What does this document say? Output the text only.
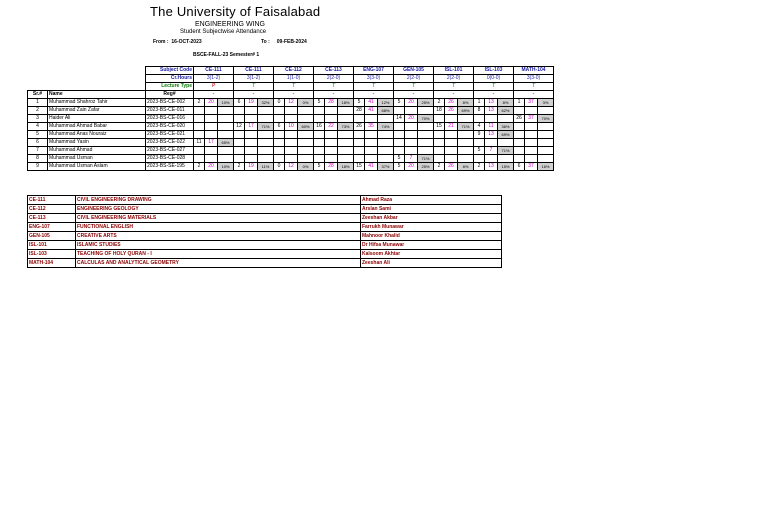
The University of Faisalabad
ENGINEERING WING
Student Subjectwise Attendance
From : 16-OCT-2023	To : 09-FEB-2024
BSCE-FALL-23 Semester# 1
		Subject Code	CE-111			CE-111			CE-112			CE-113			ENG-107			GEN-105			ISL-101			ISL-103			MATH-104		
		Cr.Hours	3(1-2)			3(1-2)			1(1-0)			2(2-0)			3(3-0)			2(2-0)			2(2-0)			0(0-0)			3(3-0)		
		Lecture Type	P			T			T			T			T			T			T			T			T		
Sr.#	Name	Reg#	-			-			-			-			-			-			-			-			-		
1	Muhammad Shahroz Tahir	2023-BS-CE-002	2	20	10%	6	19	32%	0	12	0%	5	28	18%	5	41	12%	5	20	25%	2	26	8%	1	13	8%	1	37	3%
2	Muhammad Zain Zafar	2023-BS-CE-011													28	41	68%				18	26	69%	8	13	62%			
3	Haider Ali	2023-BS-CE-016																14	20	70%							26	37	70%
4	Muhammad Ahmad Babar	2023-BS-CE-020				12	17	71%	6	10	60%	16	22	73%	26	35	74%				15	21	71%	4	11	36%			
5	Muhammad Anas Nouraiz	2023-BS-CE-021																						9	13	69%			
6	Muhammad Yasin	2023-BS-CE-022	11	17	65%																								
7	Muhammad Ahmad	2023-BS-CE-027																						5	7	71%			
8	Muhammad Usman	2023-BS-CE-028																5	7	71%									
9	Muhammad Usman Aslam	2023-BS-SE-195	2	20	10%	2	19	11%	0	12	0%	5	28	18%	15	41	37%	5	20	25%	2	26	8%	2	13	15%	6	37	16%
CE-111	CIVIL ENGINEERING DRAWING	Ahmad Raza
CE-112	ENGINEERING GEOLOGY	Arslan Sami
CE-113	CIVIL ENGINEERING MATERIALS	Zeeshan Akbar
ENG-107	FUNCTIONAL ENGLISH	Farrukh Munawar
GEN-105	CREATIVE ARTS	Mahnoor Khalid
ISL-101	ISLAMIC STUDIES	Dr Hifsa Munawar
ISL-103	TEACHING OF HOLY QURAN - I	Kalsoom Akhtar
MATH-104	CALCULAS AND ANALYTICAL GEOMETRY	Zeeshan Ali
